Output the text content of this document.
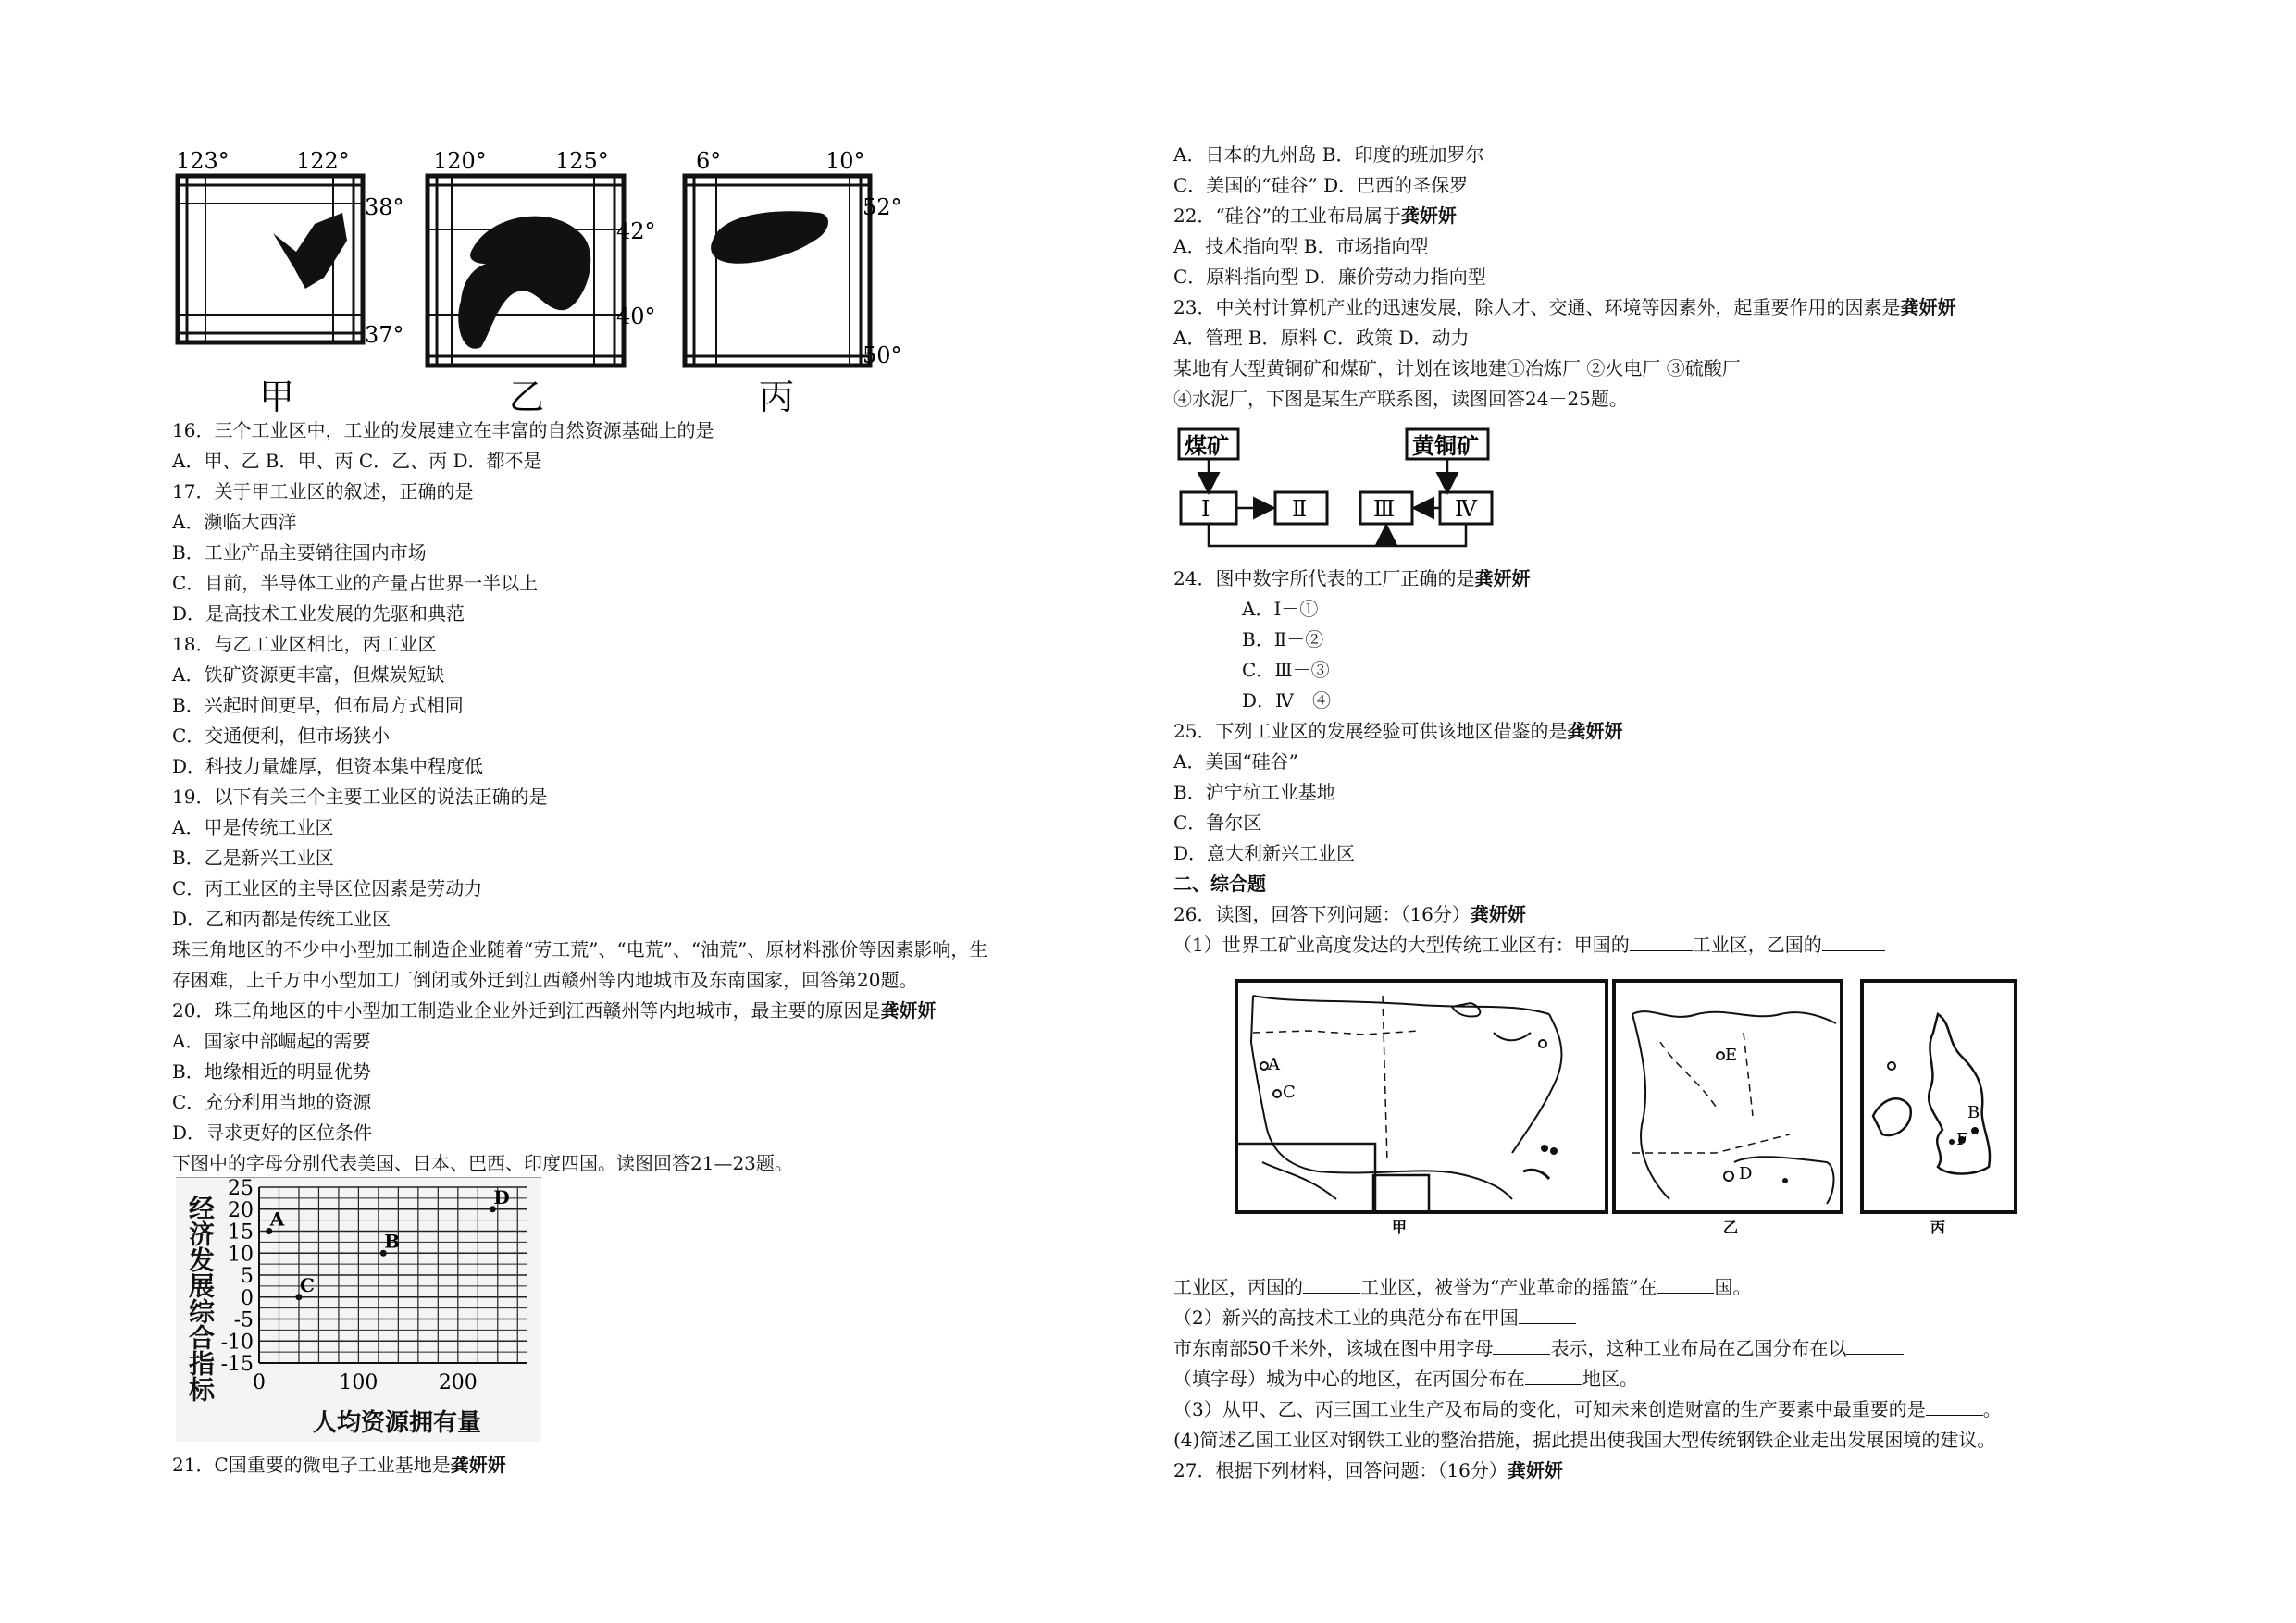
123°	122°
38°
37°
甲
120°	125°
42°
40°
乙
6°	10°
52°
50°
丙
16．三个工业区中，工业的发展建立在丰富的自然资源基础上的是
A．甲、乙 B．甲、丙 C．乙、丙 D．都不是
17．关于甲工业区的叙述，正确的是
A．濒临大西洋
B．工业产品主要销往国内市场
C．目前，半导体工业的产量占世界一半以上
D．是高技术工业发展的先驱和典范
18．与乙工业区相比，丙工业区
A．铁矿资源更丰富，但煤炭短缺
B．兴起时间更早，但布局方式相同
C．交通便利，但市场狭小
D．科技力量雄厚，但资本集中程度低
19．以下有关三个主要工业区的说法正确的是
A．甲是传统工业区
B．乙是新兴工业区
C．丙工业区的主导区位因素是劳动力
D．乙和丙都是传统工业区
珠三角地区的不少中小型加工制造企业随着“劳工荒”、“电荒”、“油荒”、原材料涨价等因素影响，生
存困难，上千万中小型加工厂倒闭或外迁到江西赣州等内地城市及东南国家，回答第20题。
20．珠三角地区的中小型加工制造业企业外迁到江西赣州等内地城市，最主要的原因是龚妍妍
A．国家中部崛起的需要
B．地缘相近的明显优势
C．充分利用当地的资源
D．寻求更好的区位条件
下图中的字母分别代表美国、日本、巴西、印度四国。读图回答21—23题。
经济发展综合指标
人均资源拥有量
25
20
15
10
5
0
-5
-10
-15
0	100	200
A
B
C
D
21．C国重要的微电子工业基地是龚妍妍
A．日本的九州岛 B．印度的班加罗尔
C．美国的“硅谷” D．巴西的圣保罗
22．“硅谷”的工业布局属于龚妍妍
A．技术指向型 B．市场指向型
C．原料指向型 D．廉价劳动力指向型
23．中关村计算机产业的迅速发展，除人才、交通、环境等因素外，起重要作用的因素是龚妍妍
A．管理 B．原料 C．政策 D．动力
某地有大型黄铜矿和煤矿，计划在该地建①冶炼厂 ②火电厂 ③硫酸厂
④水泥厂，下图是某生产联系图，读图回答24－25题。
煤矿	黄铜矿
Ⅰ	Ⅱ	Ⅲ	Ⅳ
24．图中数字所代表的工厂正确的是龚妍妍
A．Ⅰ－①
B．Ⅱ－②
C．Ⅲ－③
D．Ⅳ－④
25．下列工业区的发展经验可供该地区借鉴的是龚妍妍
A．美国“硅谷”
B．沪宁杭工业基地
C．鲁尔区
D．意大利新兴工业区
二、综合题
26．读图，回答下列问题：（16分）龚妍妍
（1）世界工矿业高度发达的大型传统工业区有：甲国的	工业区，乙国的
A
C
甲
E
D
乙
B
F
丙
工业区，丙国的	工业区，被誉为“产业革命的摇篮”在	国。
（2）新兴的高技术工业的典范分布在甲国
市东南部50千米外，该城在图中用字母	表示，这种工业布局在乙国分布在以
（填字母）城为中心的地区，在丙国分布在	地区。
（3）从甲、乙、丙三国工业生产及布局的变化，可知未来创造财富的生产要素中最重要的是	。
(4)简述乙国工业区对钢铁工业的整治措施，据此提出使我国大型传统钢铁企业走出发展困境的建议。
27．根据下列材料，回答问题：（16分）龚妍妍
